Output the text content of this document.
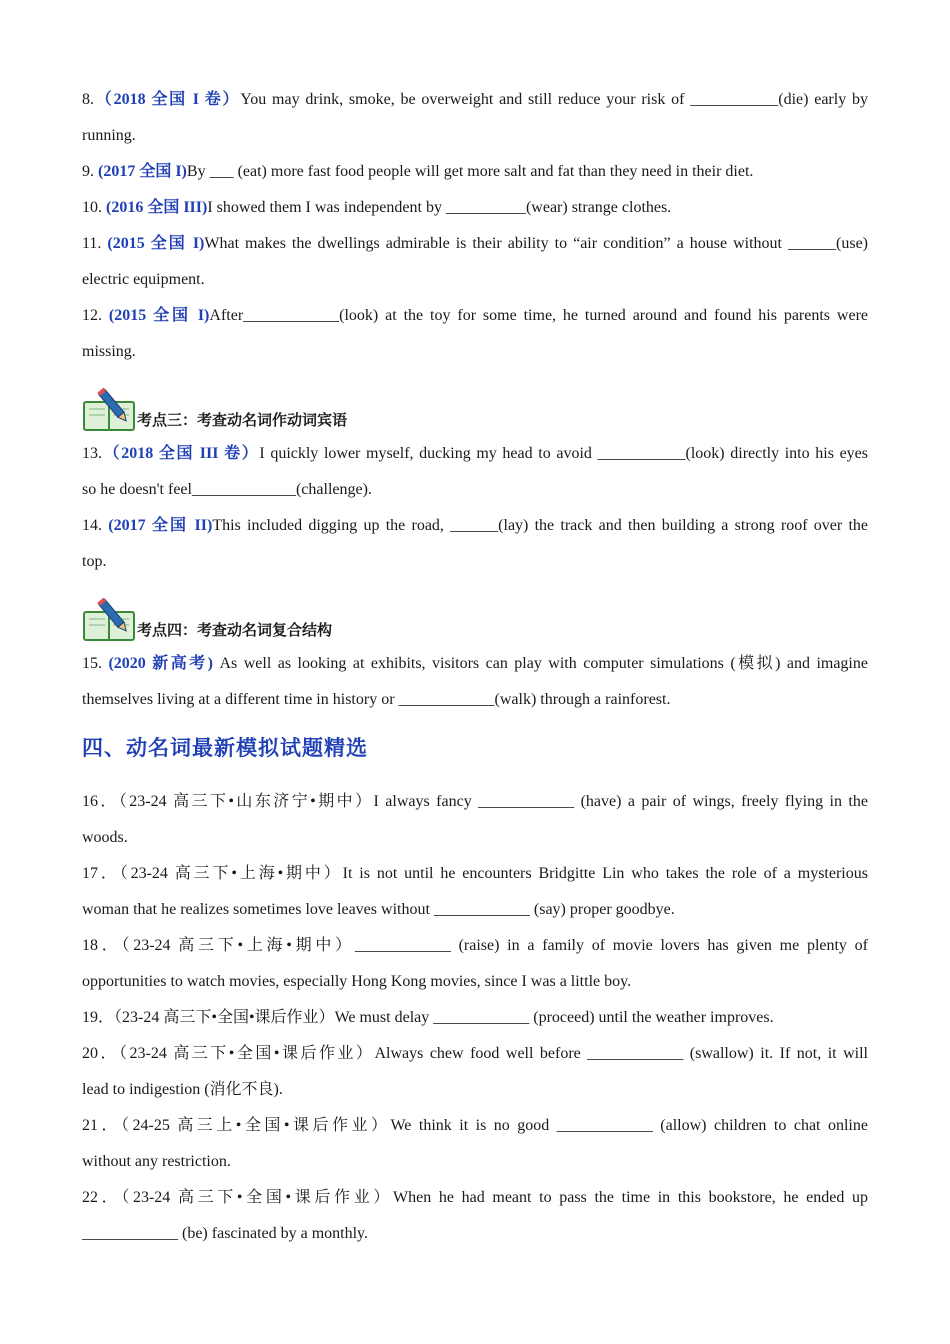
8.（2018 全国 I 卷）You may drink, smoke, be overweight and still reduce your risk of ___________(die) early by
running.
9. (2017 全国 I)By ___ (eat) more fast food people will get more salt and fat than they need in their diet.
10. (2016 全国 III)I showed them I was independent by __________(wear) strange clothes.
11. (2015 全国 I)What makes the dwellings admirable is their ability to “air condition” a house without ______(use)
electric equipment.
12. (2015 全国 I)After____________(look) at the toy for some time, he turned around and found his parents were
missing.
考点三：考查动名词作动词宾语
13.（2018 全国 III 卷）I quickly lower myself, ducking my head to avoid ___________(look) directly into his eyes
so he doesn't feel_____________(challenge).
14. (2017 全国 II)This included digging up the road, ______(lay) the track and then building a strong roof over the
top.
考点四：考查动名词复合结构
15. (2020 新高考) As well as looking at exhibits, visitors can play with computer simulations (模拟) and imagine
themselves living at a different time in history or ____________(walk) through a rainforest.
四、动名词最新模拟试题精选
16．（23-24 高三下•山东济宁•期中）I always fancy ____________ (have) a pair of wings, freely flying in the
woods.
17．（23-24 高三下•上海•期中）It is not until he encounters Bridgitte Lin who takes the role of a mysterious
woman that he realizes sometimes love leaves without ____________ (say) proper goodbye.
18．（23-24 高三下•上海•期中）____________ (raise) in a family of movie lovers has given me plenty of
opportunities to watch movies, especially Hong Kong movies, since I was a little boy.
19．（23-24 高三下•全国•课后作业）We must delay ____________ (proceed) until the weather improves.
20．（23-24 高三下•全国•课后作业）Always chew food well before ____________ (swallow) it. If not, it will
lead to indigestion (消化不良).
21．（24-25 高三上•全国•课后作业）We think it is no good ____________ (allow) children to chat online
without any restriction.
22．（23-24 高三下•全国•课后作业）When he had meant to pass the time in this bookstore, he ended up
____________ (be) fascinated by a monthly.
